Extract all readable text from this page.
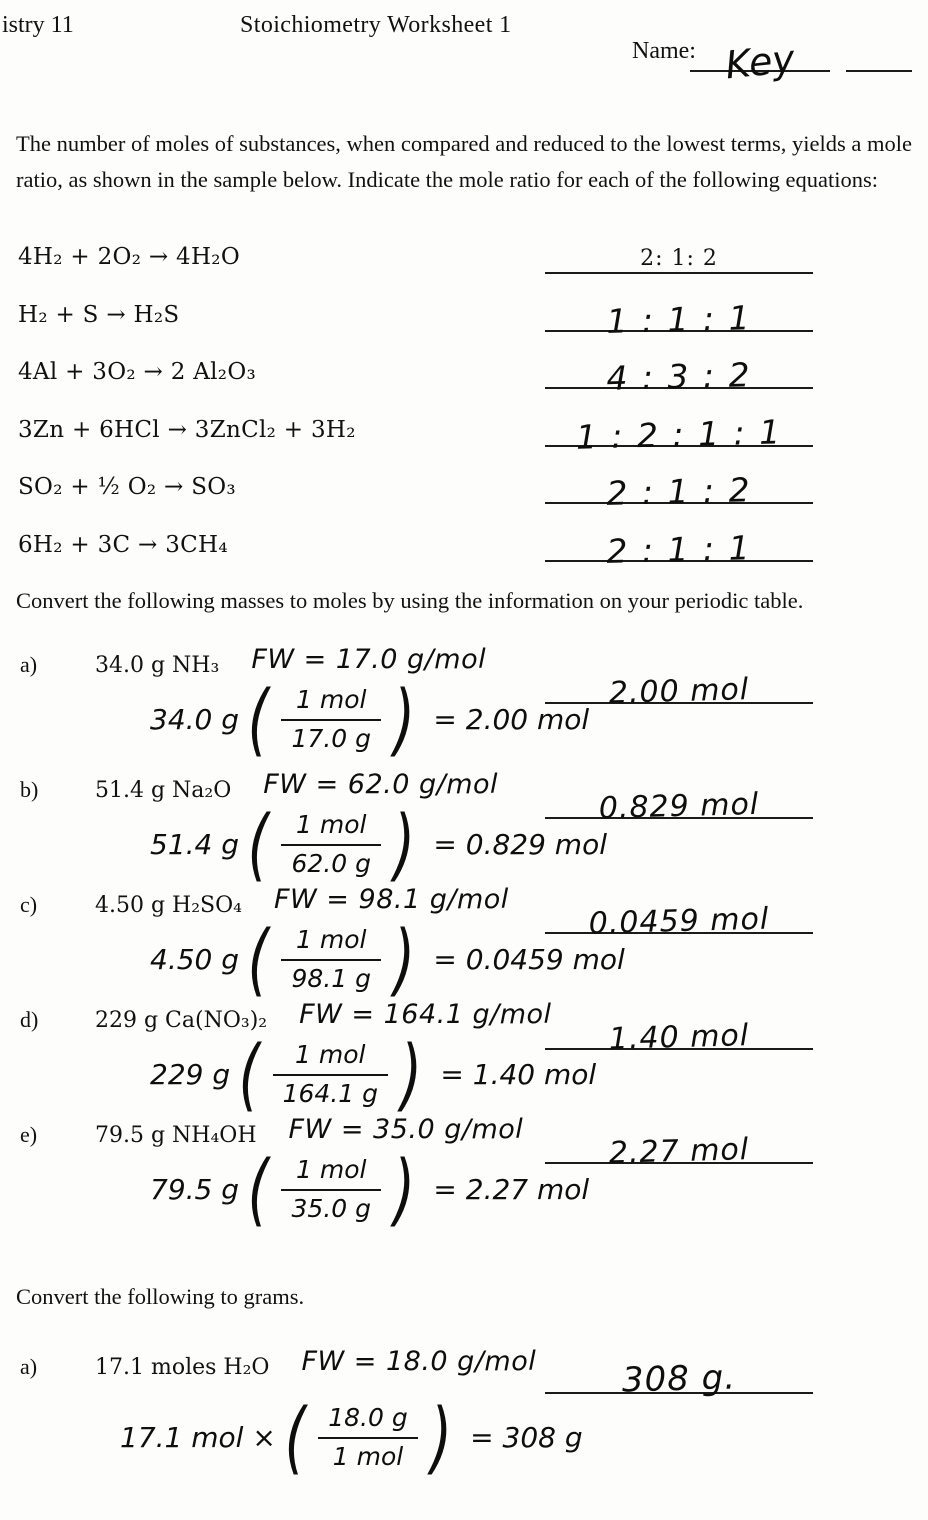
istry 11	Stoichiometry Worksheet 1
Name: Key
The number of moles of substances, when compared and reduced to the lowest terms, yields a mole ratio, as shown in the sample below. Indicate the mole ratio for each of the following equations:
4H₂ + 2O₂ → 4H₂O	2: 1: 2
H₂ + S → H₂S	1 : 1 : 1
4Al + 3O₂ → 2 Al₂O₃	4 : 3 : 2
3Zn + 6HCl → 3ZnCl₂ + 3H₂	1 : 2 : 1 : 1
SO₂ + ½ O₂ → SO₃	2 : 1 : 2
6H₂ + 3C → 3CH₄	2 : 1 : 1
Convert the following masses to moles by using the information on your periodic table.
a)	34.0 g NH₃ FW = 17.0 g/mol
34.0 g ( $\frac{\text{1 mol}}{17.0 g}$ ) = 2.00 mol
2.00 mol
b)	51.4 g Na₂O FW = 62.0 g/mol
51.4 g ( $\frac{\text{1 mol}}{62.0 g}$ ) = 0.829 mol
0.829 mol
c)	4.50 g H₂SO₄ FW = 98.1 g/mol
4.50 g ( $\frac{\text{1 mol}}{98.1 g}$ ) = 0.0459 mol
0.0459 mol
d)	229 g Ca(NO₃)₂ FW = 164.1 g/mol
229 g ( $\frac{\text{1 mol}}{164.1 g}$ ) = 1.40 mol
1.40 mol
e)	79.5 g NH₄OH FW = 35.0 g/mol
79.5 g ( $\frac{\text{1 mol}}{35.0 g}$ ) = 2.27 mol
2.27 mol
Convert the following to grams.
a)	17.1 moles H₂O FW = 18.0 g/mol
17.1 mol × ( $\frac{18.0 g}{\text{1 mol}}$ ) = 308 g
308 g.
